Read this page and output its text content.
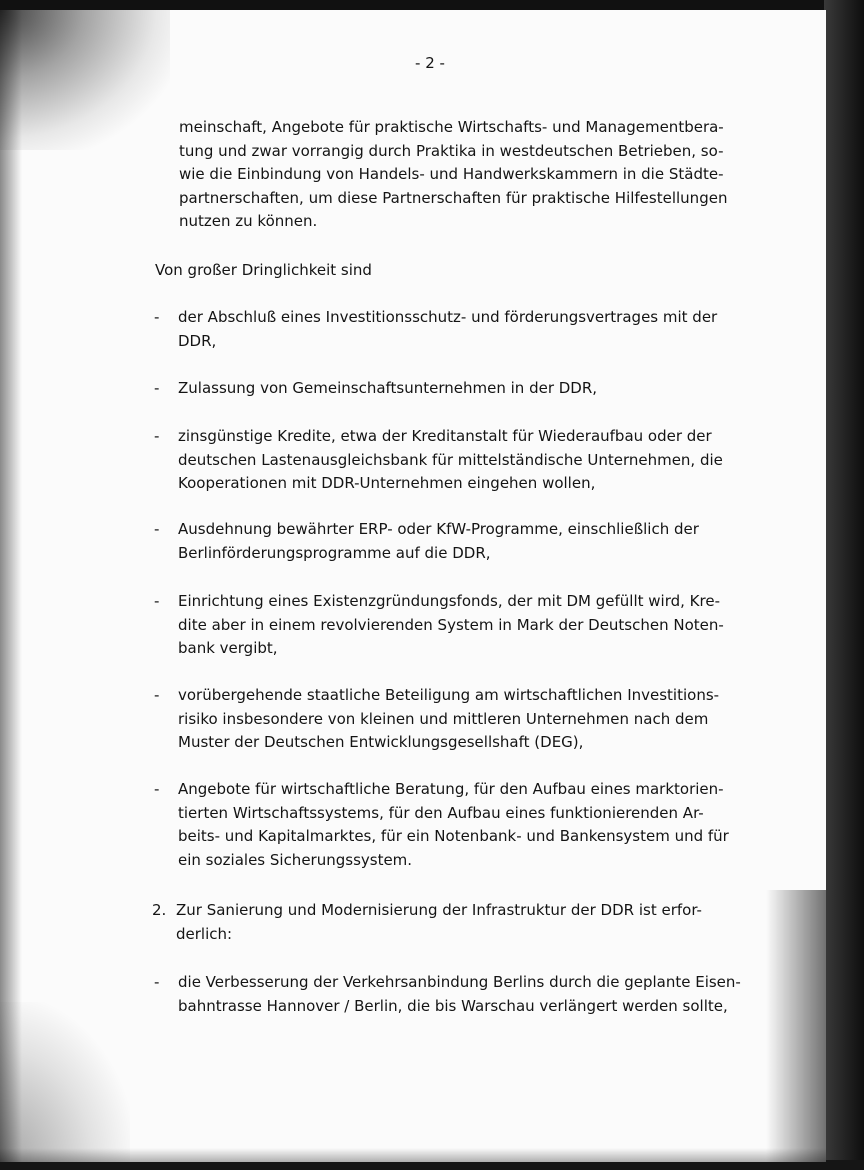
- 2 -
meinschaft, Angebote für praktische Wirtschafts- und Managementbera-
tung und zwar vorrangig durch Praktika in westdeutschen Betrieben, so-
wie die Einbindung von Handels- und Handwerkskammern in die Städte-
partnerschaften, um diese Partnerschaften für praktische Hilfestellungen
nutzen zu können.
Von großer Dringlichkeit sind
-	der Abschluß eines Investitionsschutz- und förderungsvertrages mit der
DDR,
-	Zulassung von Gemeinschaftsunternehmen in der DDR,
-	zinsgünstige Kredite, etwa der Kreditanstalt für Wiederaufbau oder der
deutschen Lastenausgleichsbank für mittelständische Unternehmen, die
Kooperationen mit DDR-Unternehmen eingehen wollen,
-	Ausdehnung bewährter ERP- oder KfW-Programme, einschließlich der
Berlinförderungsprogramme auf die DDR,
-	Einrichtung eines Existenzgründungsfonds, der mit DM gefüllt wird, Kre-
dite aber in einem revolvierenden System in Mark der Deutschen Noten-
bank vergibt,
-	vorübergehende staatliche Beteiligung am wirtschaftlichen Investitions-
risiko insbesondere von kleinen und mittleren Unternehmen nach dem
Muster der Deutschen Entwicklungsgesellshaft (DEG),
-	Angebote für wirtschaftliche Beratung, für den Aufbau eines marktorien-
tierten Wirtschaftssystems, für den Aufbau eines funktionierenden Ar-
beits- und Kapitalmarktes, für ein Notenbank- und Bankensystem und für
ein soziales Sicherungssystem.
2. Zur Sanierung und Modernisierung der Infrastruktur der DDR ist erfor-
derlich:
-	die Verbesserung der Verkehrsanbindung Berlins durch die geplante Eisen-
bahntrasse Hannover / Berlin, die bis Warschau verlängert werden sollte,
